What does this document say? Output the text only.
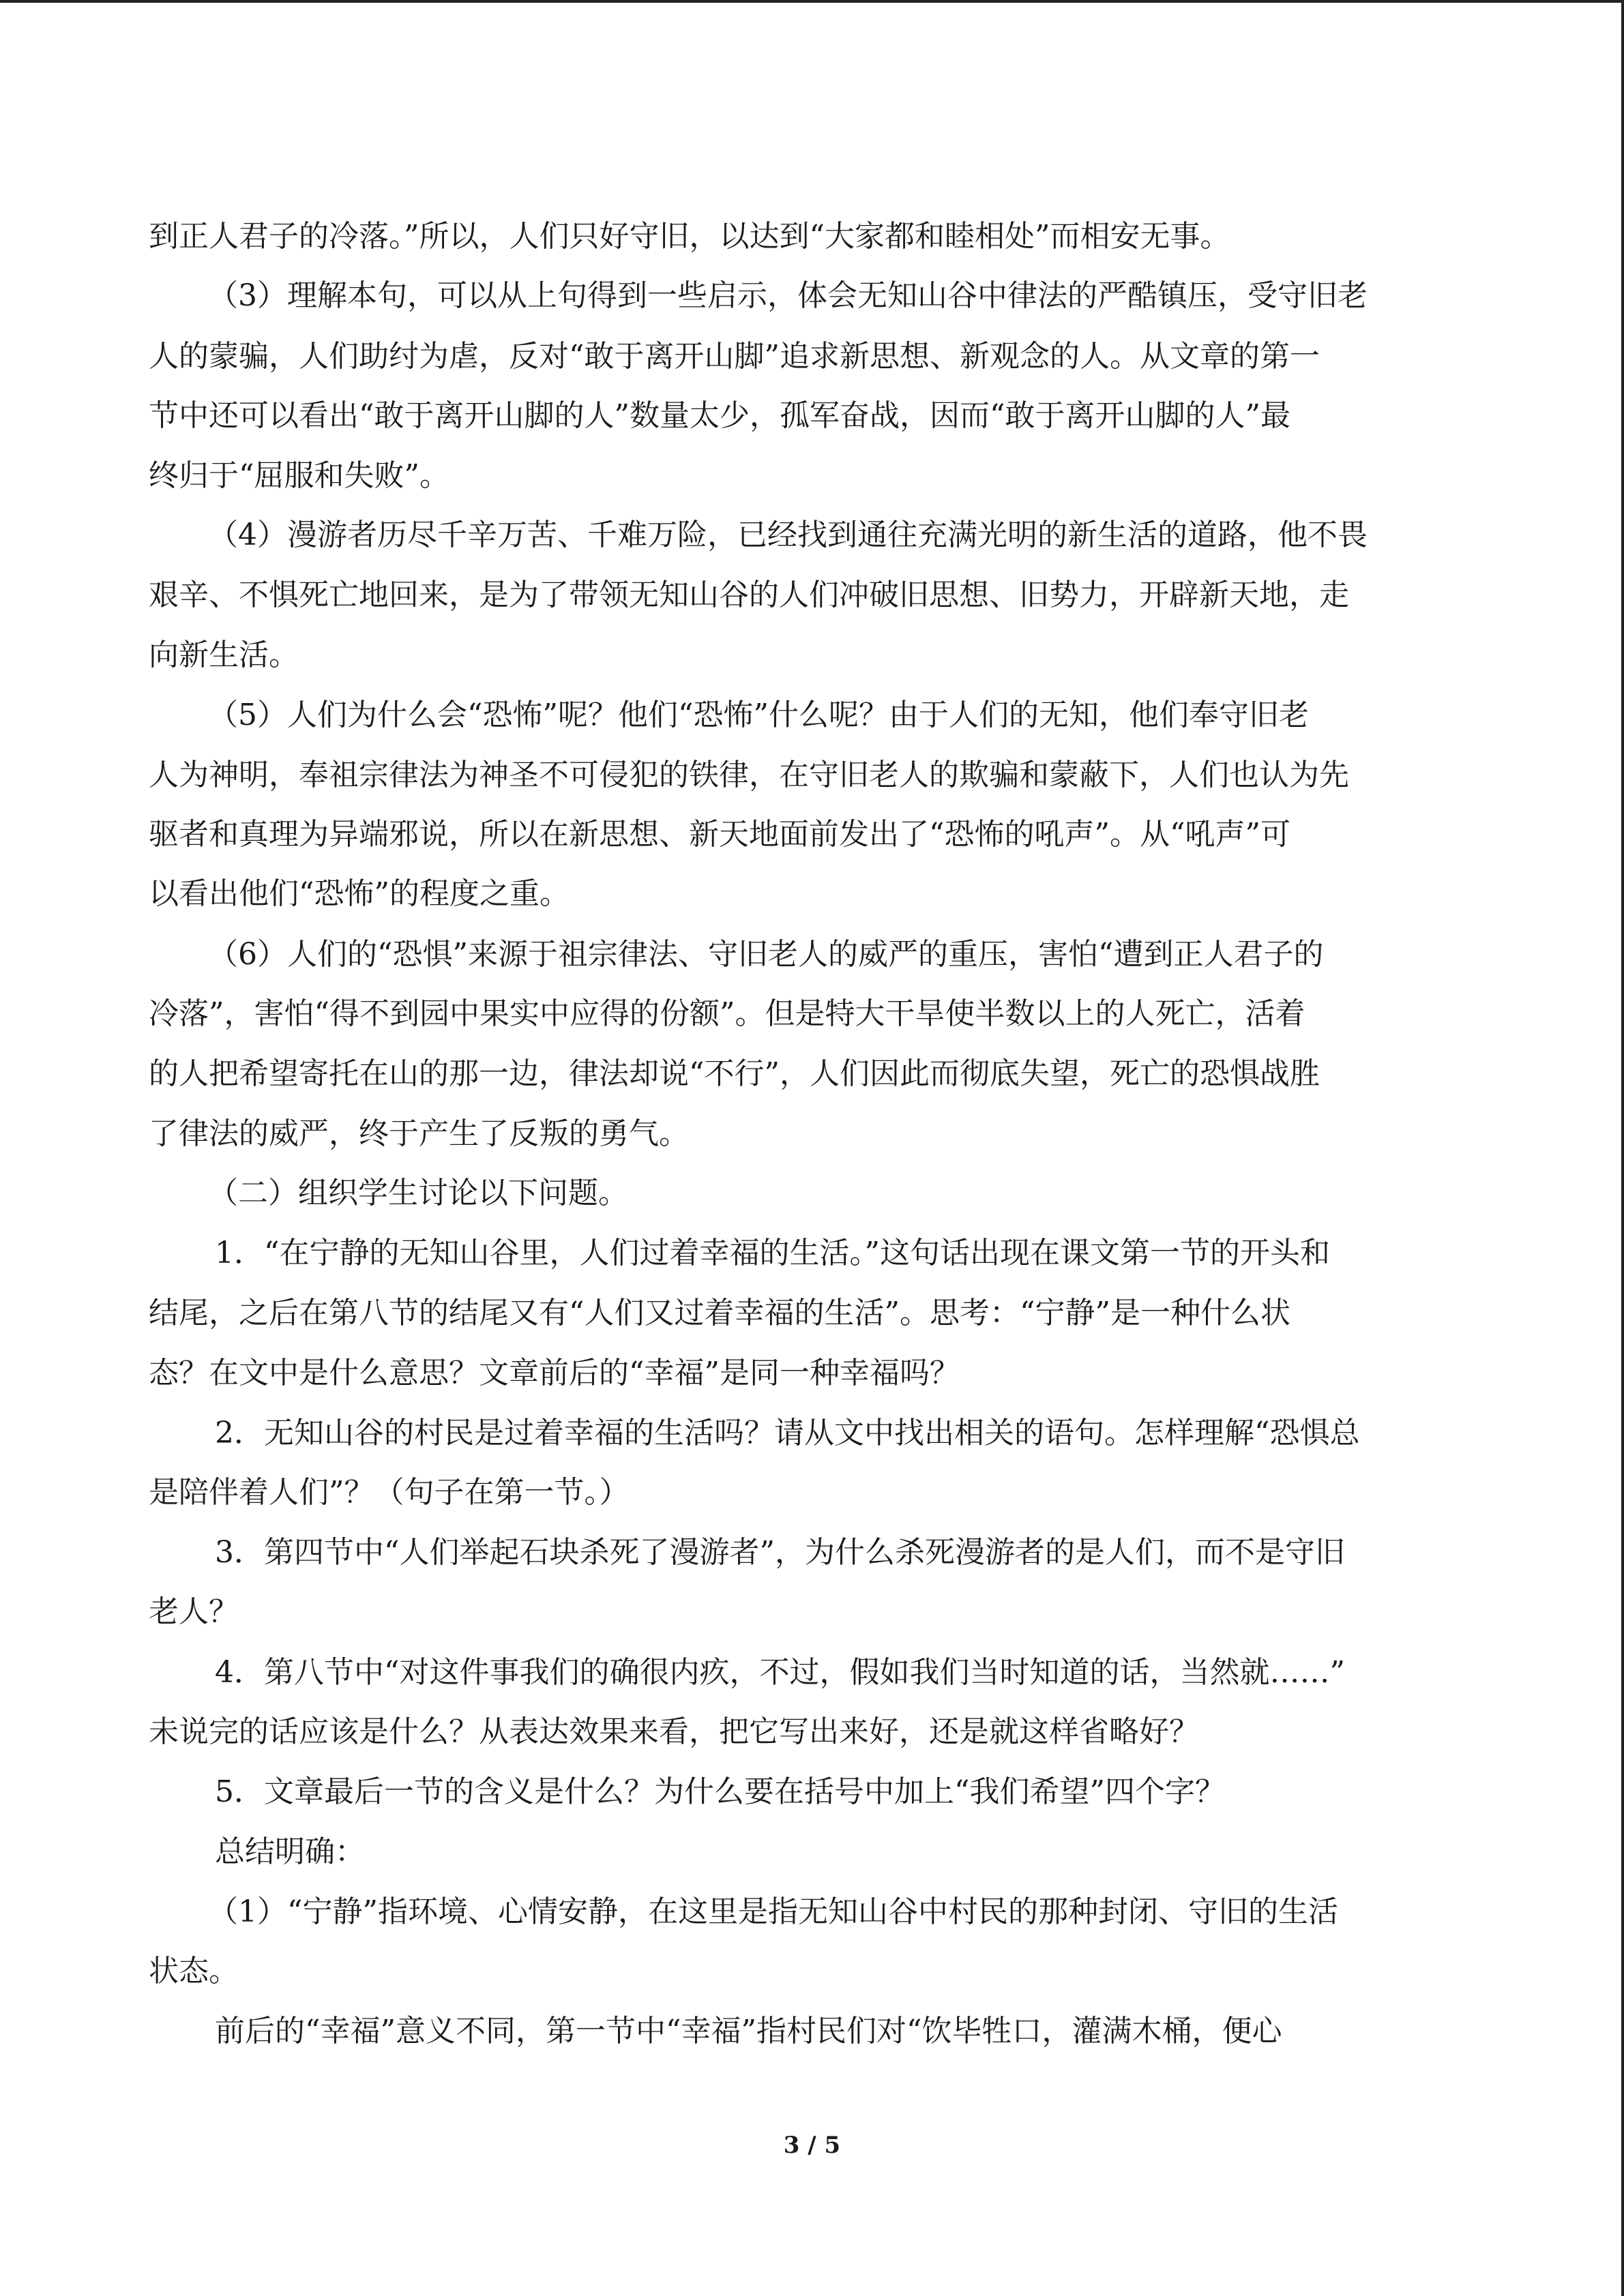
到正人君子的冷落。”所以，人们只好守旧，以达到“大家都和睦相处”而相安无事。
（3）理解本句，可以从上句得到一些启示，体会无知山谷中律法的严酷镇压，受守旧老
人的蒙骗，人们助纣为虐，反对“敢于离开山脚”追求新思想、新观念的人。从文章的第一
节中还可以看出“敢于离开山脚的人”数量太少，孤军奋战，因而“敢于离开山脚的人”最
终归于“屈服和失败”。
（4）漫游者历尽千辛万苦、千难万险，已经找到通往充满光明的新生活的道路，他不畏
艰辛、不惧死亡地回来，是为了带领无知山谷的人们冲破旧思想、旧势力，开辟新天地，走
向新生活。
（5）人们为什么会“恐怖”呢？他们“恐怖”什么呢？由于人们的无知，他们奉守旧老
人为神明，奉祖宗律法为神圣不可侵犯的铁律，在守旧老人的欺骗和蒙蔽下，人们也认为先
驱者和真理为异端邪说，所以在新思想、新天地面前发出了“恐怖的吼声”。从“吼声”可
以看出他们“恐怖”的程度之重。
（6）人们的“恐惧”来源于祖宗律法、守旧老人的威严的重压，害怕“遭到正人君子的
冷落”，害怕“得不到园中果实中应得的份额”。但是特大干旱使半数以上的人死亡，活着
的人把希望寄托在山的那一边，律法却说“不行”，人们因此而彻底失望，死亡的恐惧战胜
了律法的威严，终于产生了反叛的勇气。
（二）组织学生讨论以下问题。
1．“在宁静的无知山谷里，人们过着幸福的生活。”这句话出现在课文第一节的开头和
结尾，之后在第八节的结尾又有“人们又过着幸福的生活”。思考：“宁静”是一种什么状
态？在文中是什么意思？文章前后的“幸福”是同一种幸福吗？
2．无知山谷的村民是过着幸福的生活吗？请从文中找出相关的语句。怎样理解“恐惧总
是陪伴着人们”？（句子在第一节。）
3．第四节中“人们举起石块杀死了漫游者”，为什么杀死漫游者的是人们，而不是守旧
老人？
4．第八节中“对这件事我们的确很内疚，不过，假如我们当时知道的话，当然就……”
未说完的话应该是什么？从表达效果来看，把它写出来好，还是就这样省略好？
5．文章最后一节的含义是什么？为什么要在括号中加上“我们希望”四个字？
总结明确：
（1）“宁静”指环境、心情安静，在这里是指无知山谷中村民的那种封闭、守旧的生活
状态。
前后的“幸福”意义不同，第一节中“幸福”指村民们对“饮毕牲口，灌满木桶，便心
3 / 5
